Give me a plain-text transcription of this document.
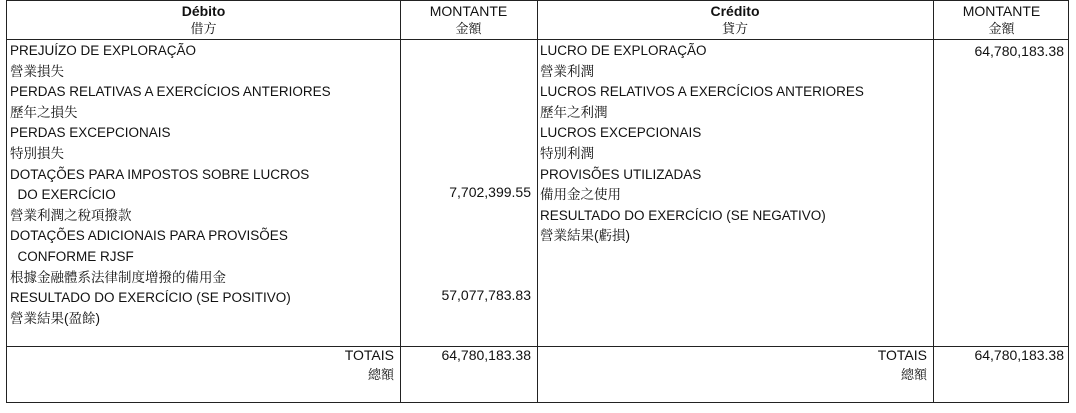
Débito
借方
MONTANTE
金額
Crédito
貸方
MONTANTE
金額
PREJUÍZO DE EXPLORAÇÃO
營業損失
PERDAS RELATIVAS A EXERCÍCIOS ANTERIORES
歷年之損失
PERDAS EXCEPCIONAIS
特別損失
DOTAÇÕES PARA IMPOSTOS SOBRE LUCROS
DO EXERCÍCIO
營業利潤之稅項撥款
DOTAÇÕES ADICIONAIS PARA PROVISÕES
CONFORME RJSF
根據金融體系法律制度增撥的備用金
RESULTADO DO EXERCÍCIO (SE POSITIVO)
營業結果(盈餘)
7,702,399.55
57,077,783.83
LUCRO DE EXPLORAÇÃO
營業利潤
LUCROS RELATIVOS A EXERCÍCIOS ANTERIORES
歷年之利潤
LUCROS EXCEPCIONAIS
特別利潤
PROVISÕES UTILIZADAS
備用金之使用
RESULTADO DO EXERCÍCIO (SE NEGATIVO)
營業結果(虧損)
64,780,183.38
TOTAIS
總額
64,780,183.38	TOTAIS
總額
64,780,183.38
